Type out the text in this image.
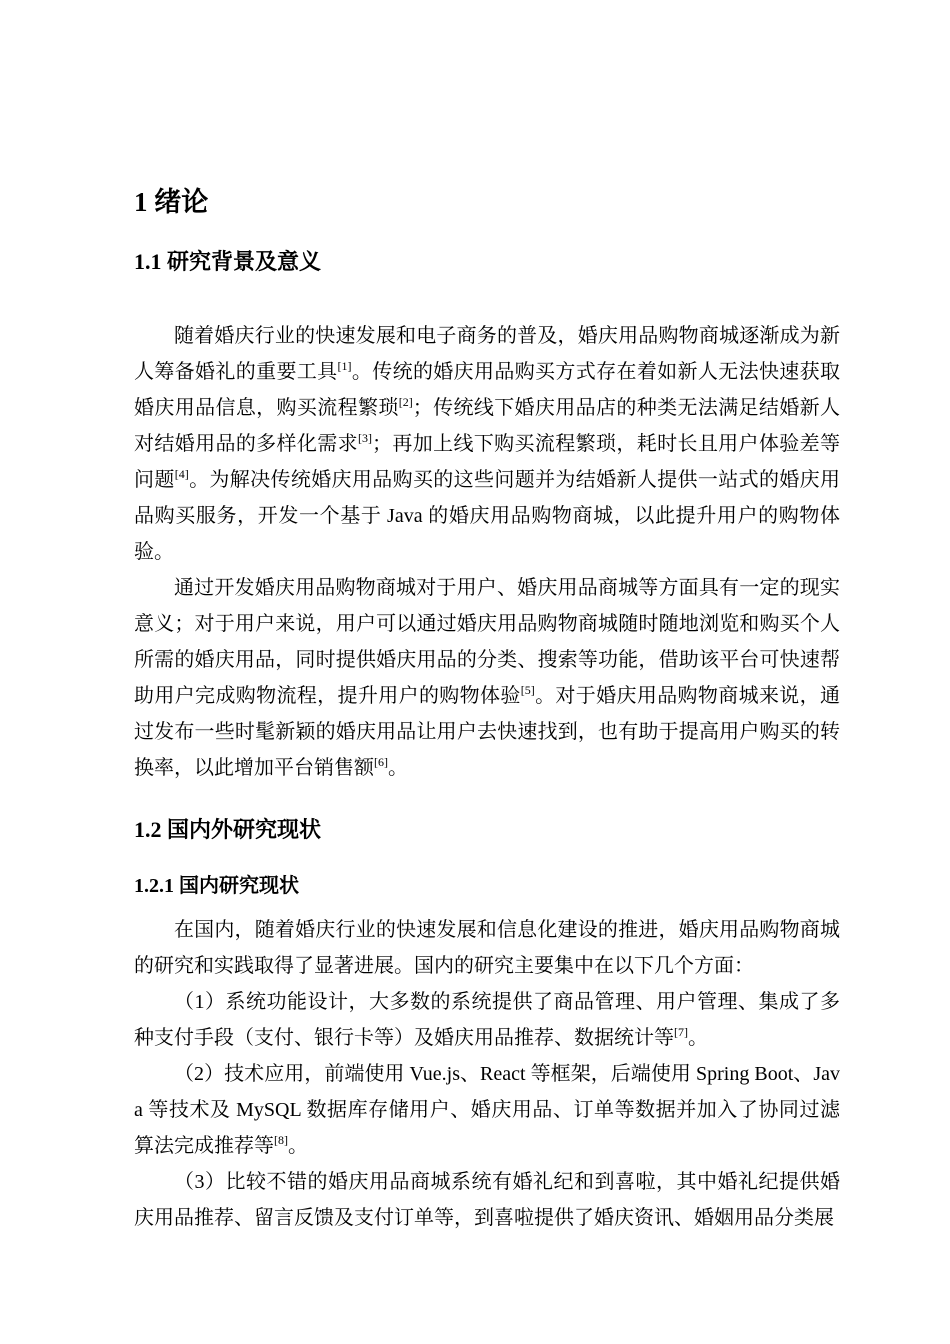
1 绪论
1.1 研究背景及意义

随着婚庆行业的快速发展和电子商务的普及，婚庆用品购物商城逐渐成为新人筹备婚礼的重要工具[1]。传统的婚庆用品购买方式存在着如新人无法快速获取婚庆用品信息，购买流程繁琐[2]；传统线下婚庆用品店的种类无法满足结婚新人对结婚用品的多样化需求[3]；再加上线下购买流程繁琐，耗时长且用户体验差等问题[4]。为解决传统婚庆用品购买的这些问题并为结婚新人提供一站式的婚庆用品购买服务，开发一个基于 Java 的婚庆用品购物商城，以此提升用户的购物体验。

通过开发婚庆用品购物商城对于用户、婚庆用品商城等方面具有一定的现实意义；对于用户来说，用户可以通过婚庆用品购物商城随时随地浏览和购买个人所需的婚庆用品，同时提供婚庆用品的分类、搜索等功能，借助该平台可快速帮助用户完成购物流程，提升用户的购物体验[5]。对于婚庆用品购物商城来说，通过发布一些时髦新颖的婚庆用品让用户去快速找到，也有助于提高用户购买的转换率，以此增加平台销售额[6]。

1.2 国内外研究现状
1.2.1 国内研究现状

在国内，随着婚庆行业的快速发展和信息化建设的推进，婚庆用品购物商城的研究和实践取得了显著进展。国内的研究主要集中在以下几个方面：

（1）系统功能设计，大多数的系统提供了商品管理、用户管理、集成了多种支付手段（支付、银行卡等）及婚庆用品推荐、数据统计等[7]。

（2）技术应用，前端使用 Vue.js、React 等框架，后端使用 Spring Boot、Java 等技术及 MySQL 数据库存储用户、婚庆用品、订单等数据并加入了协同过滤算法完成推荐等[8]。

（3）比较不错的婚庆用品商城系统有婚礼纪和到喜啦，其中婚礼纪提供婚庆用品推荐、留言反馈及支付订单等，到喜啦提供了婚庆资讯、婚姻用品分类展
